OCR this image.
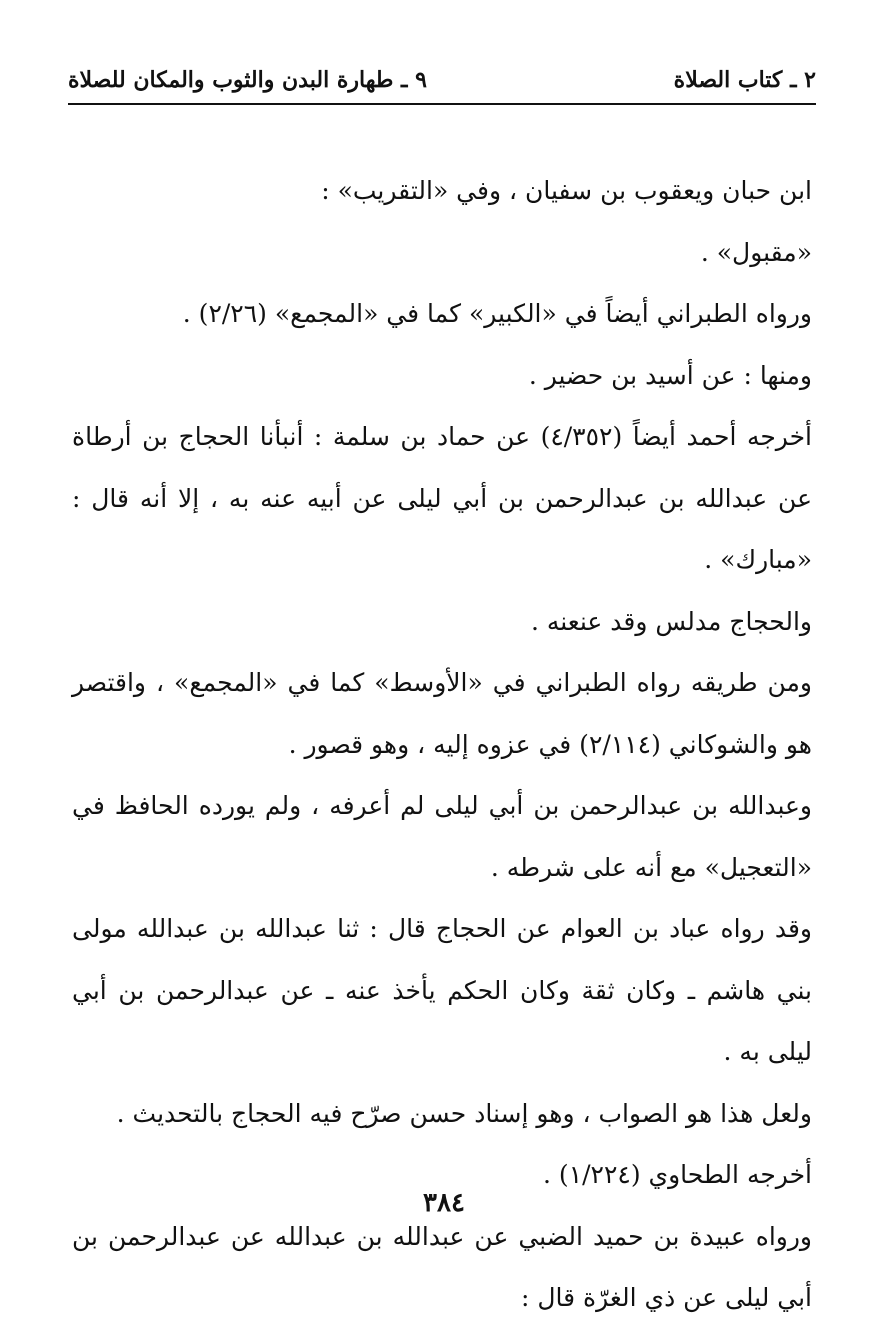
٢ ـ كتاب الصلاة
٩ ـ طهارة البدن والثوب والمكان للصلاة

ابن حبان ويعقوب بن سفيان ، وفي «التقريب» :

«مقبول» .

ورواه الطبراني أيضاً في «الكبير» كما في «المجمع» (٢/٢٦) .

ومنها : عن أسيد بن حضير .

أخرجه أحمد أيضاً (٤/٣٥٢) عن حماد بن سلمة : أنبأنا الحجاج بن أرطاة عن عبدالله بن عبدالرحمن بن أبي ليلى عن أبيه عنه به ، إلا أنه قال : «مبارك» .

والحجاج مدلس وقد عنعنه .

ومن طريقه رواه الطبراني في «الأوسط» كما في «المجمع» ، واقتصر هو والشوكاني (٢/١١٤) في عزوه إليه ، وهو قصور .

وعبدالله بن عبدالرحمن بن أبي ليلى لم أعرفه ، ولم يورده الحافظ في «التعجيل» مع أنه على شرطه .

وقد رواه عباد بن العوام عن الحجاج قال : ثنا عبدالله بن عبدالله مولى بني هاشم ـ وكان ثقة وكان الحكم يأخذ عنه ـ عن عبدالرحمن بن أبي ليلى به .

ولعل هذا هو الصواب ، وهو إسناد حسن صرّح فيه الحجاج بالتحديث .

أخرجه الطحاوي (١/٢٢٤) .

ورواه عبيدة بن حميد الضبي عن عبدالله بن عبدالله عن عبدالرحمن بن أبي ليلى عن ذي الغرّة قال :

٣٨٤
